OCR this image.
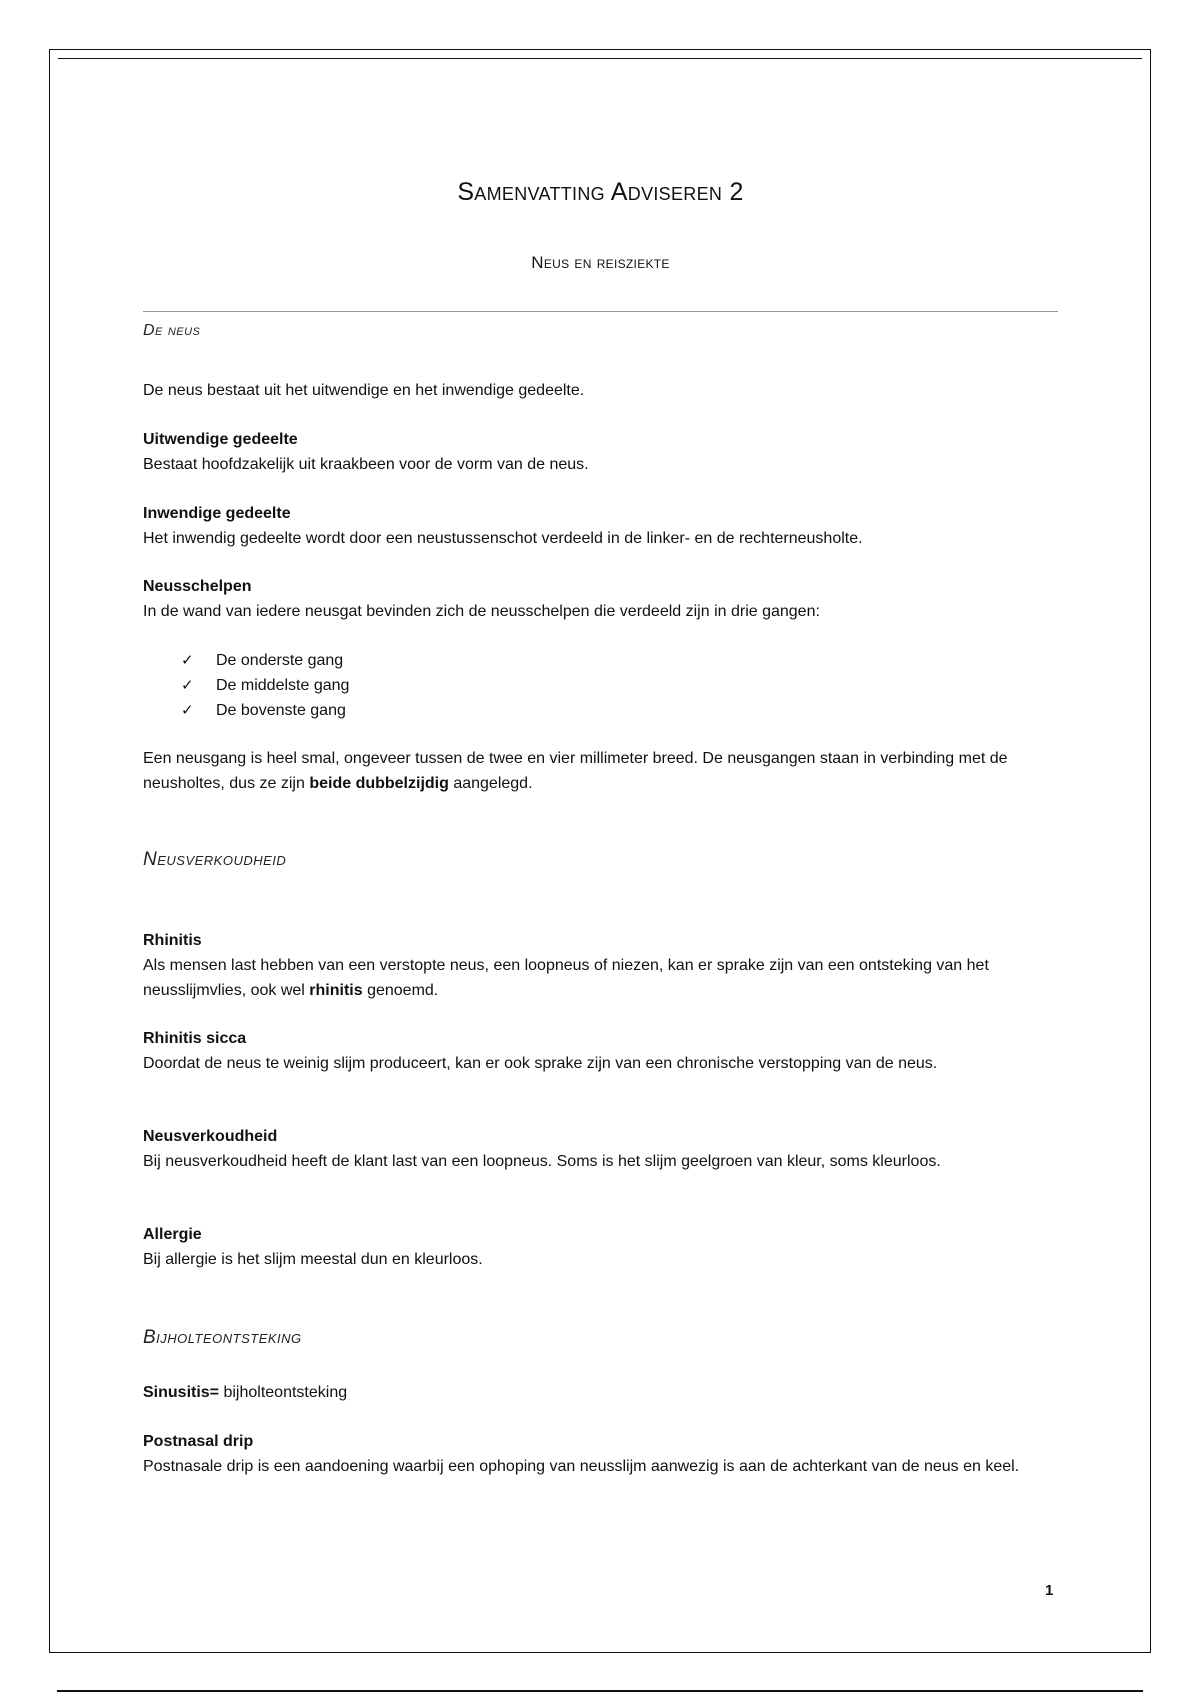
Samenvatting Adviseren 2
Neus en reisziekte
De neus
De neus bestaat uit het uitwendige en het inwendige gedeelte.
Uitwendige gedeelte
Bestaat hoofdzakelijk uit kraakbeen voor de vorm van de neus.
Inwendige gedeelte
Het inwendig gedeelte wordt door een neustussenschot verdeeld in de linker- en de rechterneusholte.
Neusschelpen
In de wand van iedere neusgat bevinden zich de neusschelpen die verdeeld zijn in drie gangen:
✓ De onderste gang
✓ De middelste gang
✓ De bovenste gang
Een neusgang is heel smal, ongeveer tussen de twee en vier millimeter breed. De neusgangen staan in verbinding met de neusholtes, dus ze zijn beide dubbelzijdig aangelegd.
Neusverkoudheid
Rhinitis
Als mensen last hebben van een verstopte neus, een loopneus of niezen, kan er sprake zijn van een ontsteking van het neusslijmvlies, ook wel rhinitis genoemd.
Rhinitis sicca
Doordat de neus te weinig slijm produceert, kan er ook sprake zijn van een chronische verstopping van de neus.
Neusverkoudheid
Bij neusverkoudheid heeft de klant last van een loopneus. Soms is het slijm geelgroen van kleur, soms kleurloos.
Allergie
Bij allergie is het slijm meestal dun en kleurloos.
Bijholteontsteking
Sinusitis= bijholteontsteking
Postnasal drip
Postnasale drip is een aandoening waarbij een ophoping van neusslijm aanwezig is aan de achterkant van de neus en keel.
1
